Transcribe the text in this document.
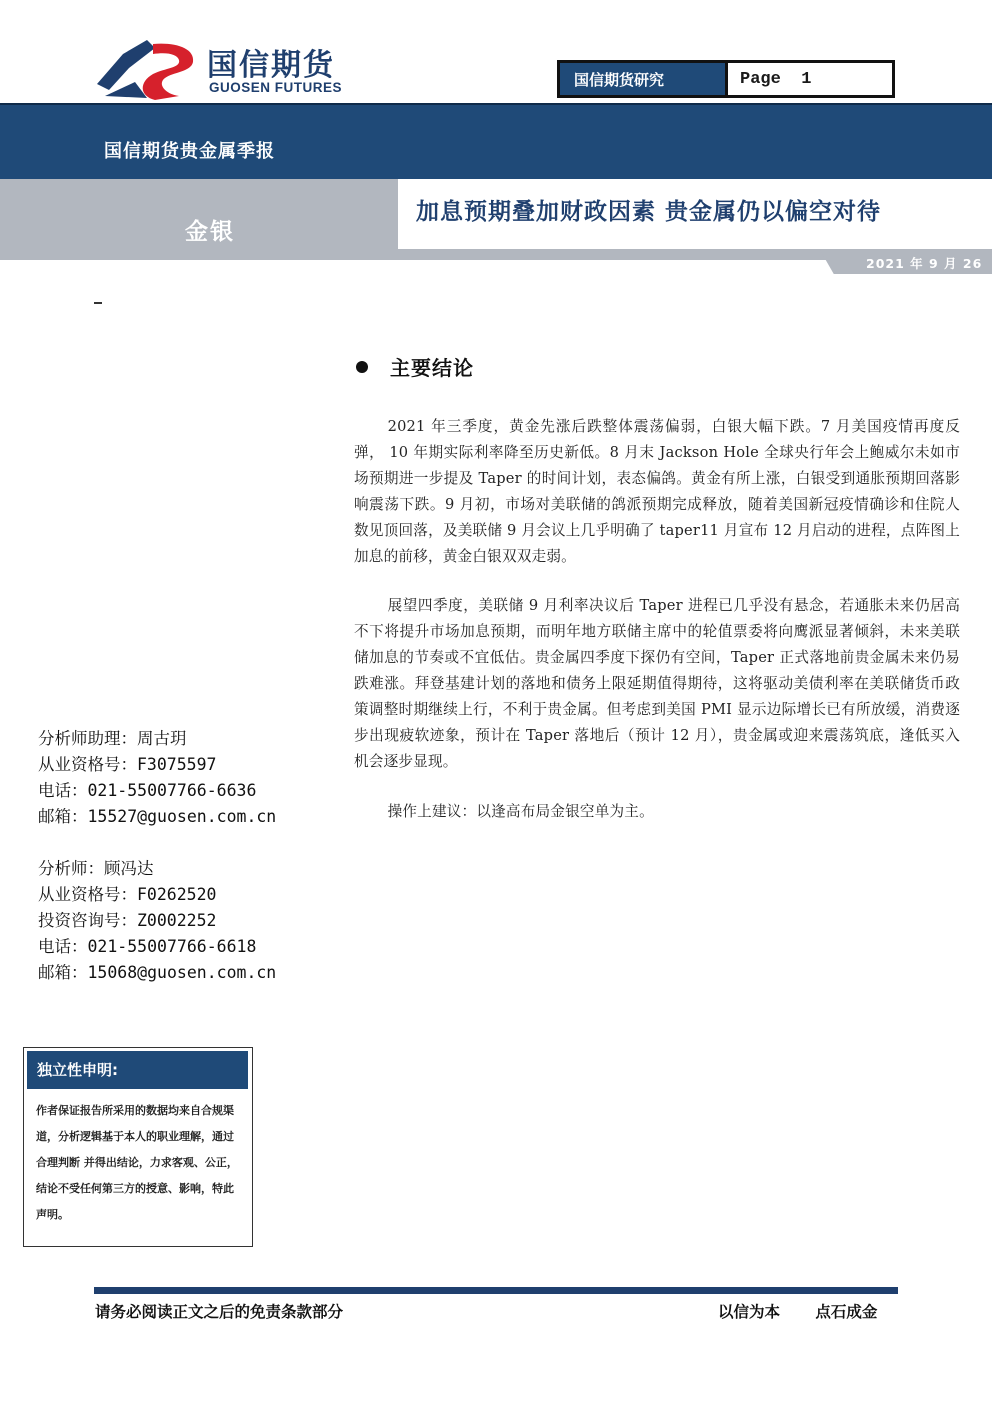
国信期货
GUOSEN FUTURES	国信期货研究	Page  1
国信期货贵金属季报
金银
加息预期叠加财政因素 贵金属仍以偏空对待
2021 年 9 月 26 日
主要结论

2021 年三季度，黄金先涨后跌整体震荡偏弱，白银大幅下跌。7 月美国疫情再度反弹， 10 年期实际利率降至历史新低。8 月末 Jackson Hole 全球央行年会上鲍威尔未如市场预期进一步提及 Taper 的时间计划，表态偏鸽。黄金有所上涨，白银受到通胀预期回落影响震荡下跌。9 月初，市场对美联储的鸽派预期完成释放，随着美国新冠疫情确诊和住院人数见顶回落，及美联储 9 月会议上几乎明确了 taper11 月宣布 12 月启动的进程，点阵图上加息的前移，黄金白银双双走弱。

展望四季度，美联储 9 月利率决议后 Taper 进程已几乎没有悬念，若通胀未来仍居高不下将提升市场加息预期，而明年地方联储主席中的轮值票委将向鹰派显著倾斜，未来美联储加息的节奏或不宜低估。贵金属四季度下探仍有空间，Taper 正式落地前贵金属未来仍易跌难涨。拜登基建计划的落地和债务上限延期值得期待，这将驱动美债利率在美联储货币政策调整时期继续上行，不利于贵金属。但考虑到美国 PMI 显示边际增长已有所放缓，消费逐步出现疲软迹象，预计在 Taper 落地后（预计 12 月），贵金属或迎来震荡筑底，逢低买入机会逐步显现。

操作上建议：以逢高布局金银空单为主。

分析师助理：周古玥
从业资格号：F3075597
电话：021-55007766-6636
邮箱：15527@guosen.com.cn
分析师：顾冯达
从业资格号：F0262520
投资咨询号：Z0002252
电话：021-55007766-6618
邮箱：15068@guosen.com.cn
独立性申明:
作者保证报告所采用的数据均来自合规渠道，分析逻辑基于本人的职业理解，通过合理判断 并得出结论，力求客观、公正，结论不受任何第三方的授意、影响，特此声明。
请务必阅读正文之后的免责条款部分	以信为本 点石成金
